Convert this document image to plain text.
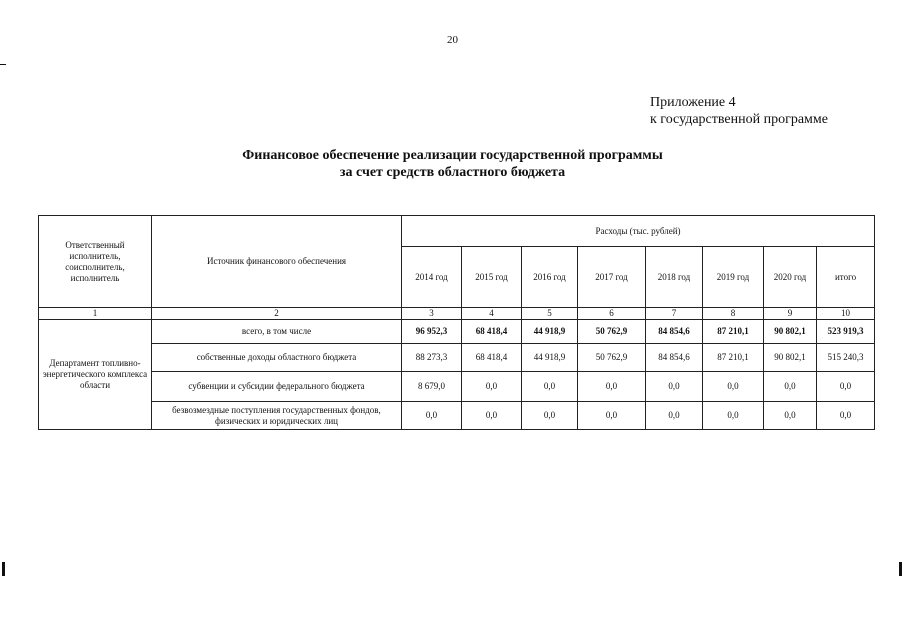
20
Приложение 4
к государственной программе
Финансовое обеспечение реализации государственной программы
за счет средств областного бюджета
Ответственный исполнитель, соисполнитель, исполнитель	Источник финансового обеспечения	Расходы (тыс. рублей)							
		2014 год	2015 год	2016 год	2017 год	2018 год	2019 год	2020 год	итого
1	2	3	4	5	6	7	8	9	10
Департамент топливно-энергетического комплекса области	всего, в том числе	96 952,3	68 418,4	44 918,9	50 762,9	84 854,6	87 210,1	90 802,1	523 919,3
	собственные доходы областного бюджета	88 273,3	68 418,4	44 918,9	50 762,9	84 854,6	87 210,1	90 802,1	515 240,3
	субвенции и субсидии федерального бюджета	8 679,0	0,0	0,0	0,0	0,0	0,0	0,0	0,0
	безвозмездные поступления государственных фондов, физических и юридических лиц	0,0	0,0	0,0	0,0	0,0	0,0	0,0	0,0
